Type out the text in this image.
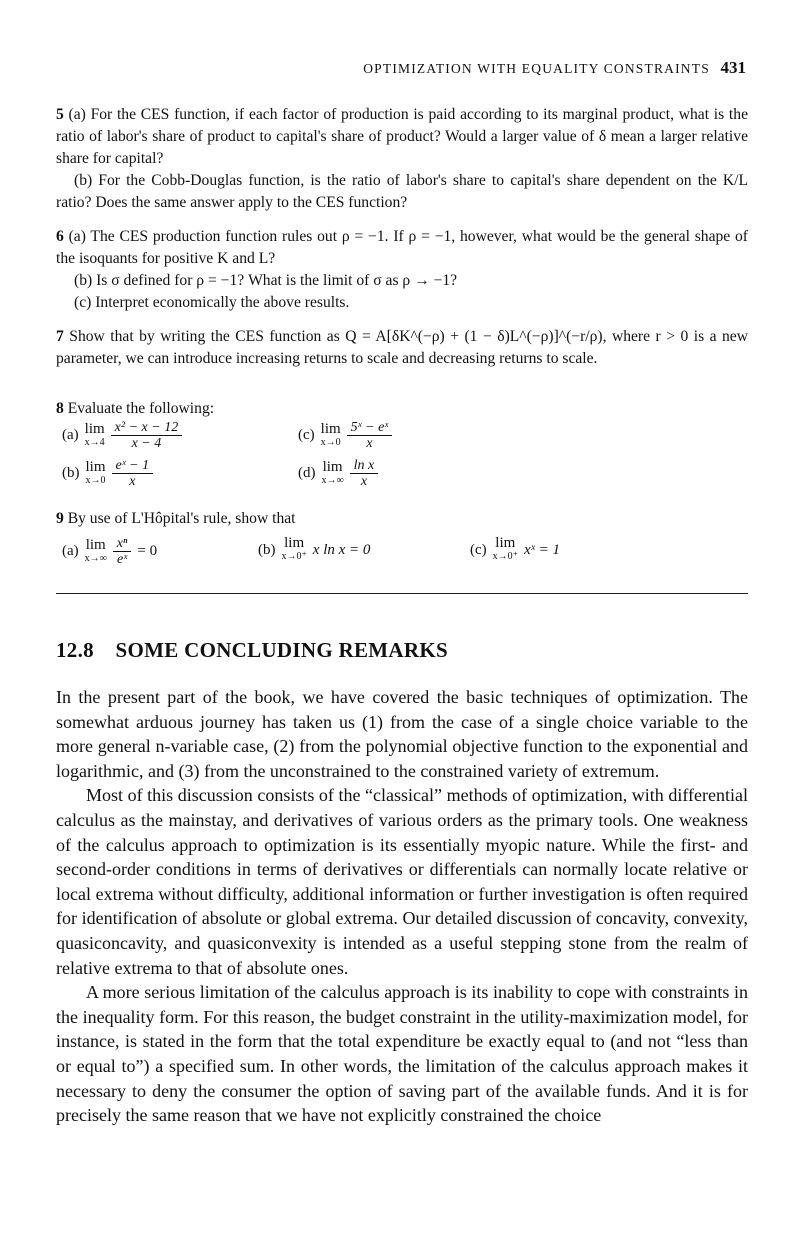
OPTIMIZATION WITH EQUALITY CONSTRAINTS 431
5 (a) For the CES function, if each factor of production is paid according to its marginal product, what is the ratio of labor's share of product to capital's share of product? Would a larger value of δ mean a larger relative share for capital?
(b) For the Cobb-Douglas function, is the ratio of labor's share to capital's share dependent on the K/L ratio? Does the same answer apply to the CES function?
6 (a) The CES production function rules out ρ = −1. If ρ = −1, however, what would be the general shape of the isoquants for positive K and L?
(b) Is σ defined for ρ = −1? What is the limit of σ as ρ → −1?
(c) Interpret economically the above results.
7 Show that by writing the CES function as Q = A[δK^(−ρ) + (1 − δ)L^(−ρ)]^(−r/ρ), where r > 0 is a new parameter, we can introduce increasing returns to scale and decreasing returns to scale.
8 Evaluate the following:
(a) lim
$x\to 4 \frac{\text{x² − x − 12}}{x - 4}$
(b) lim
$x\to 0 \frac{\text{eˣ − 1}}{x}$
(c) lim
$x\to 0 \frac{\text{5ˣ − eˣ}}{x}$
(d) lim
$x\to\infty \frac{\text{ln x}}{x}$
9 By use of L'Hôpital's rule, show that
(a) lim
$x\to\infty \frac{\text{xⁿ}}{\text{eˣ}} = 0$	(b) lim
x→0⁺ x ln x = 0	(c) lim
x→0⁺ xˣ = 1
12.8 SOME CONCLUDING REMARKS

In the present part of the book, we have covered the basic techniques of optimization. The somewhat arduous journey has taken us (1) from the case of a single choice variable to the more general n-variable case, (2) from the polynomial objective function to the exponential and logarithmic, and (3) from the unconstrained to the constrained variety of extremum.

Most of this discussion consists of the “classical” methods of optimization, with differential calculus as the mainstay, and derivatives of various orders as the primary tools. One weakness of the calculus approach to optimization is its essentially myopic nature. While the first- and second-order conditions in terms of derivatives or differentials can normally locate relative or local extrema without difficulty, additional information or further investigation is often required for identification of absolute or global extrema. Our detailed discussion of concavity, convexity, quasiconcavity, and quasiconvexity is intended as a useful stepping stone from the realm of relative extrema to that of absolute ones.

A more serious limitation of the calculus approach is its inability to cope with constraints in the inequality form. For this reason, the budget constraint in the utility-maximization model, for instance, is stated in the form that the total expenditure be exactly equal to (and not “less than or equal to”) a specified sum. In other words, the limitation of the calculus approach makes it necessary to deny the consumer the option of saving part of the available funds. And it is for precisely the same reason that we have not explicitly constrained the choice
